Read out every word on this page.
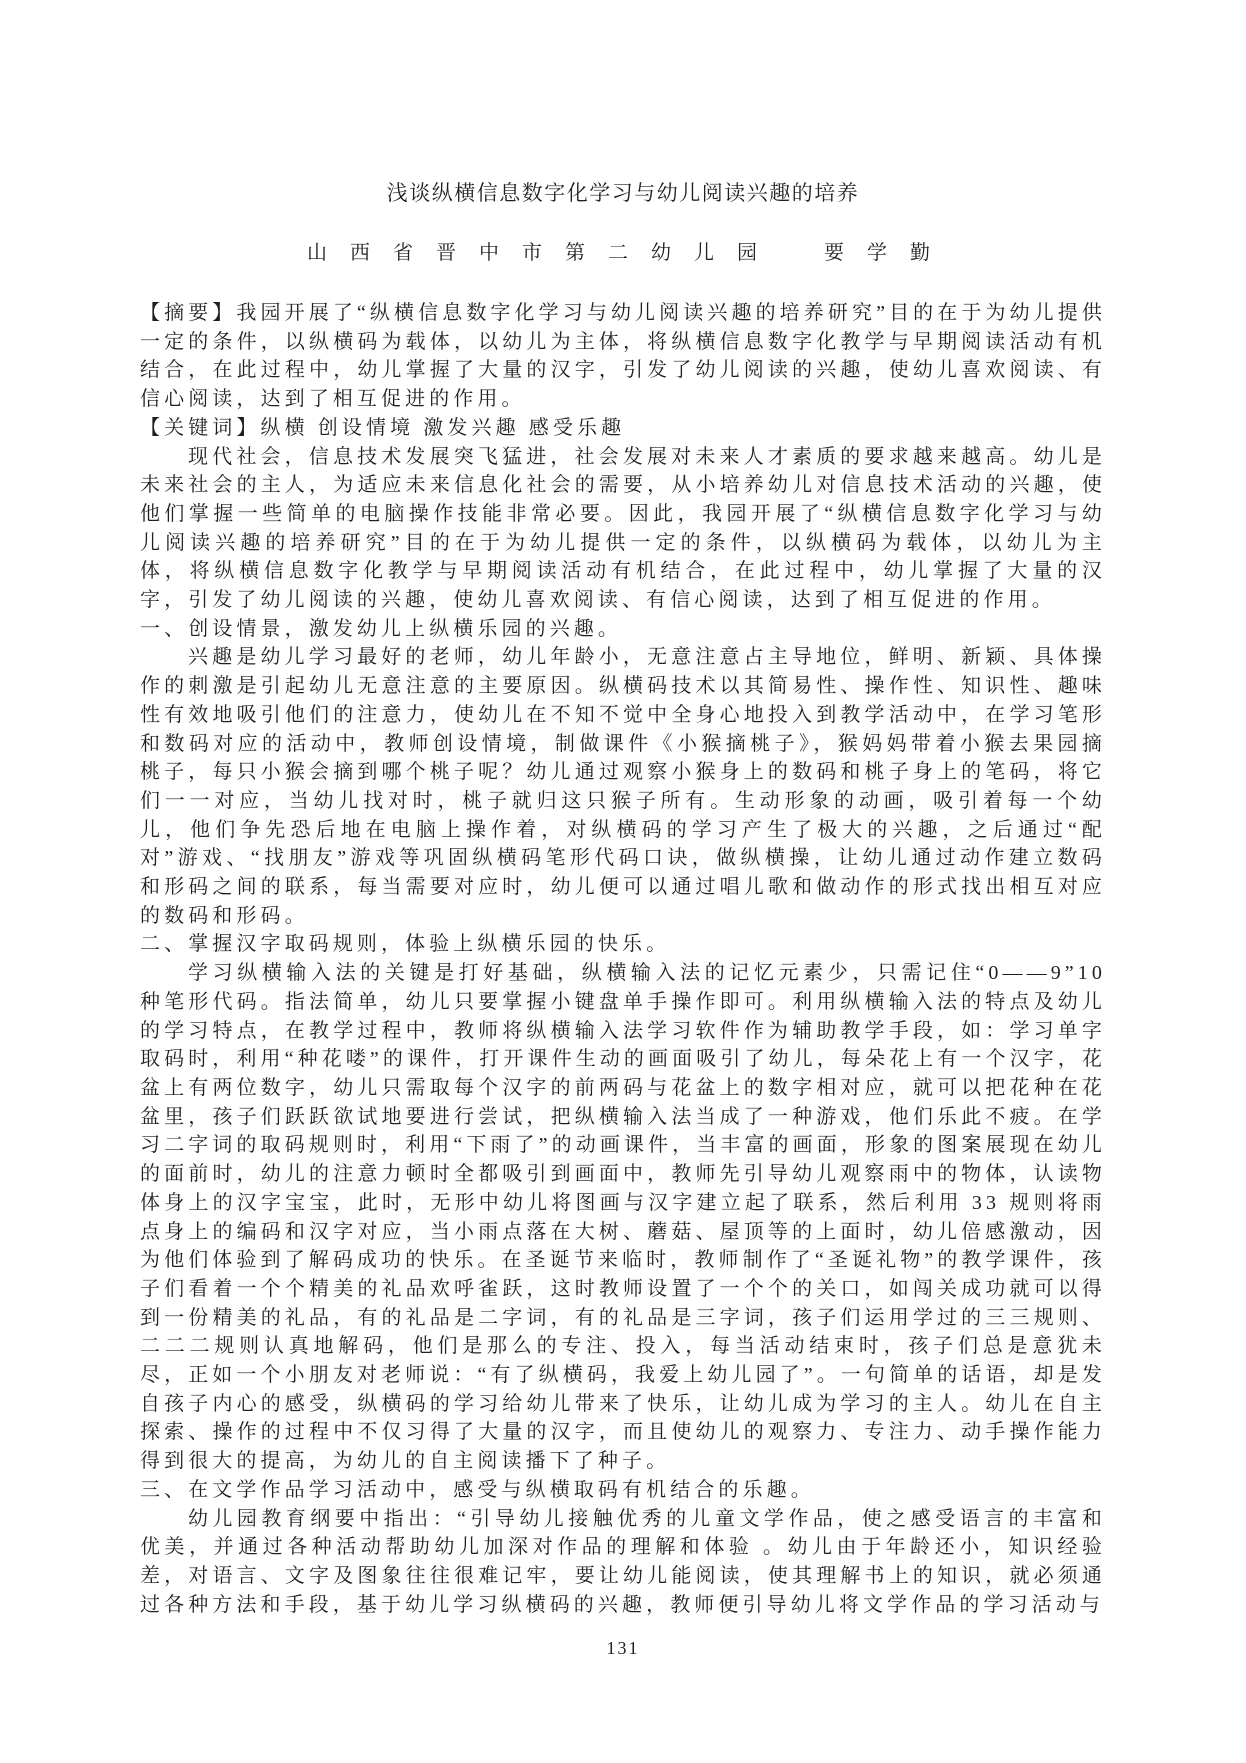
浅谈纵横信息数字化学习与幼儿阅读兴趣的培养
山 西 省 晋 中 市 第 二 幼 儿 园　　要 学 勤

【摘要】我园开展了“纵横信息数字化学习与幼儿阅读兴趣的培养研究”目的在于为幼儿提供一定的条件，以纵横码为载体，以幼儿为主体，将纵横信息数字化教学与早期阅读活动有机结合，在此过程中，幼儿掌握了大量的汉字，引发了幼儿阅读的兴趣，使幼儿喜欢阅读、有信心阅读，达到了相互促进的作用。

【关键词】纵横 创设情境 激发兴趣 感受乐趣

现代社会，信息技术发展突飞猛进，社会发展对未来人才素质的要求越来越高。幼儿是未来社会的主人，为适应未来信息化社会的需要，从小培养幼儿对信息技术活动的兴趣，使他们掌握一些简单的电脑操作技能非常必要。因此，我园开展了“纵横信息数字化学习与幼儿阅读兴趣的培养研究”目的在于为幼儿提供一定的条件，以纵横码为载体，以幼儿为主体，将纵横信息数字化教学与早期阅读活动有机结合，在此过程中，幼儿掌握了大量的汉字，引发了幼儿阅读的兴趣，使幼儿喜欢阅读、有信心阅读，达到了相互促进的作用。

一、创设情景，激发幼儿上纵横乐园的兴趣。

兴趣是幼儿学习最好的老师，幼儿年龄小，无意注意占主导地位，鲜明、新颖、具体操作的刺激是引起幼儿无意注意的主要原因。纵横码技术以其简易性、操作性、知识性、趣味性有效地吸引他们的注意力，使幼儿在不知不觉中全身心地投入到教学活动中，在学习笔形和数码对应的活动中，教师创设情境，制做课件《小猴摘桃子》，猴妈妈带着小猴去果园摘桃子，每只小猴会摘到哪个桃子呢？幼儿通过观察小猴身上的数码和桃子身上的笔码，将它们一一对应，当幼儿找对时，桃子就归这只猴子所有。生动形象的动画，吸引着每一个幼儿，他们争先恐后地在电脑上操作着，对纵横码的学习产生了极大的兴趣，之后通过“配对”游戏、“找朋友”游戏等巩固纵横码笔形代码口诀，做纵横操，让幼儿通过动作建立数码和形码之间的联系，每当需要对应时，幼儿便可以通过唱儿歌和做动作的形式找出相互对应的数码和形码。

二、掌握汉字取码规则，体验上纵横乐园的快乐。

学习纵横输入法的关键是打好基础，纵横输入法的记忆元素少，只需记住“0——9”10种笔形代码。指法简单，幼儿只要掌握小键盘单手操作即可。利用纵横输入法的特点及幼儿的学习特点，在教学过程中，教师将纵横输入法学习软件作为辅助教学手段，如：学习单字取码时，利用“种花喽”的课件，打开课件生动的画面吸引了幼儿，每朵花上有一个汉字，花盆上有两位数字，幼儿只需取每个汉字的前两码与花盆上的数字相对应，就可以把花种在花盆里，孩子们跃跃欲试地要进行尝试，把纵横输入法当成了一种游戏，他们乐此不疲。在学习二字词的取码规则时，利用“下雨了”的动画课件，当丰富的画面，形象的图案展现在幼儿的面前时，幼儿的注意力顿时全都吸引到画面中，教师先引导幼儿观察雨中的物体，认读物体身上的汉字宝宝，此时，无形中幼儿将图画与汉字建立起了联系，然后利用 33 规则将雨点身上的编码和汉字对应，当小雨点落在大树、蘑菇、屋顶等的上面时，幼儿倍感激动，因为他们体验到了解码成功的快乐。在圣诞节来临时，教师制作了“圣诞礼物”的教学课件，孩子们看着一个个精美的礼品欢呼雀跃，这时教师设置了一个个的关口，如闯关成功就可以得到一份精美的礼品，有的礼品是二字词，有的礼品是三字词，孩子们运用学过的三三规则、二二二规则认真地解码，他们是那么的专注、投入，每当活动结束时，孩子们总是意犹未尽，正如一个小朋友对老师说：“有了纵横码，我爱上幼儿园了”。一句简单的话语，却是发自孩子内心的感受，纵横码的学习给幼儿带来了快乐，让幼儿成为学习的主人。幼儿在自主探索、操作的过程中不仅习得了大量的汉字，而且使幼儿的观察力、专注力、动手操作能力得到很大的提高，为幼儿的自主阅读播下了种子。

三、在文学作品学习活动中，感受与纵横取码有机结合的乐趣。

幼儿园教育纲要中指出：“引导幼儿接触优秀的儿童文学作品，使之感受语言的丰富和优美，并通过各种活动帮助幼儿加深对作品的理解和体验 。幼儿由于年龄还小，知识经验差，对语言、文字及图象往往很难记牢，要让幼儿能阅读，使其理解书上的知识，就必须通过各种方法和手段，基于幼儿学习纵横码的兴趣，教师便引导幼儿将文学作品的学习活动与

131
